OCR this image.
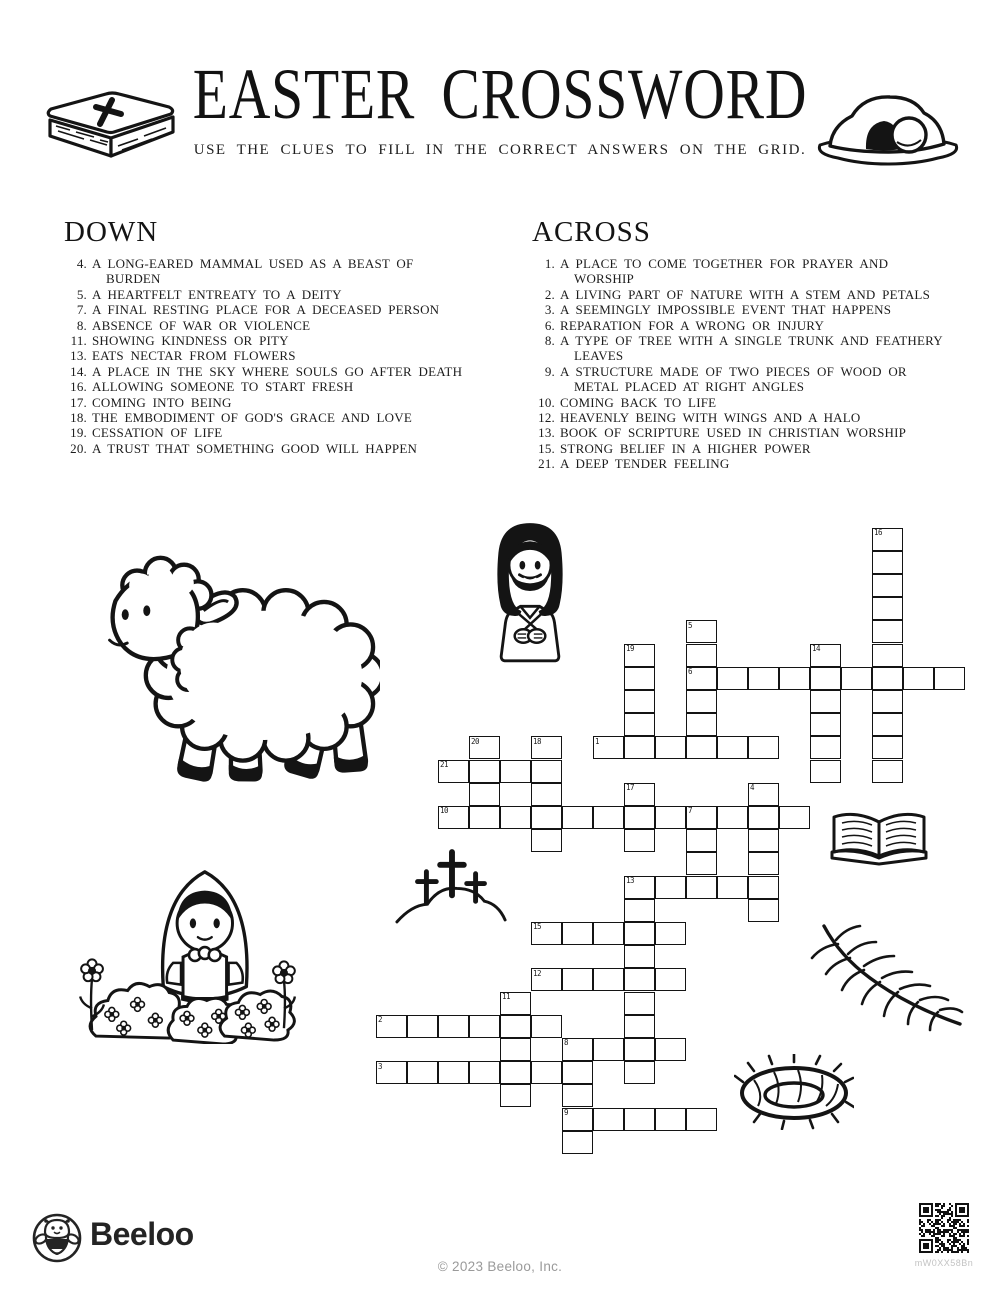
EASTER CROSSWORD
USE THE CLUES TO FILL IN THE CORRECT ANSWERS ON THE GRID.
DOWN
4. A LONG-EARED MAMMAL USED AS A BEAST OF BURDEN
5. A HEARTFELT ENTREATY TO A DEITY
7. A FINAL RESTING PLACE FOR A DECEASED PERSON
8. ABSENCE OF WAR OR VIOLENCE
11. SHOWING KINDNESS OR PITY
13. EATS NECTAR FROM FLOWERS
14. A PLACE IN THE SKY WHERE SOULS GO AFTER DEATH
16. ALLOWING SOMEONE TO START FRESH
17. COMING INTO BEING
18. THE EMBODIMENT OF GOD'S GRACE AND LOVE
19. CESSATION OF LIFE
20. A TRUST THAT SOMETHING GOOD WILL HAPPEN
ACROSS
1. A PLACE TO COME TOGETHER FOR PRAYER AND WORSHIP
2. A LIVING PART OF NATURE WITH A STEM AND PETALS
3. A SEEMINGLY IMPOSSIBLE EVENT THAT HAPPENS
6. REPARATION FOR A WRONG OR INJURY
8. A TYPE OF TREE WITH A SINGLE TRUNK AND FEATHERY LEAVES
9. A STRUCTURE MADE OF TWO PIECES OF WOOD OR METAL PLACED AT RIGHT ANGLES
10. COMING BACK TO LIFE
12. HEAVENLY BEING WITH WINGS AND A HALO
13. BOOK OF SCRIPTURE USED IN CHRISTIAN WORSHIP
15. STRONG BELIEF IN A HIGHER POWER
21. A DEEP TENDER FEELING
16
5
6
19	14
1
20	18
21
17	4
10	7
13
15
12
11
2
8
9
3
Beeloo
© 2023 Beeloo, Inc.	mW0XX58Bn
